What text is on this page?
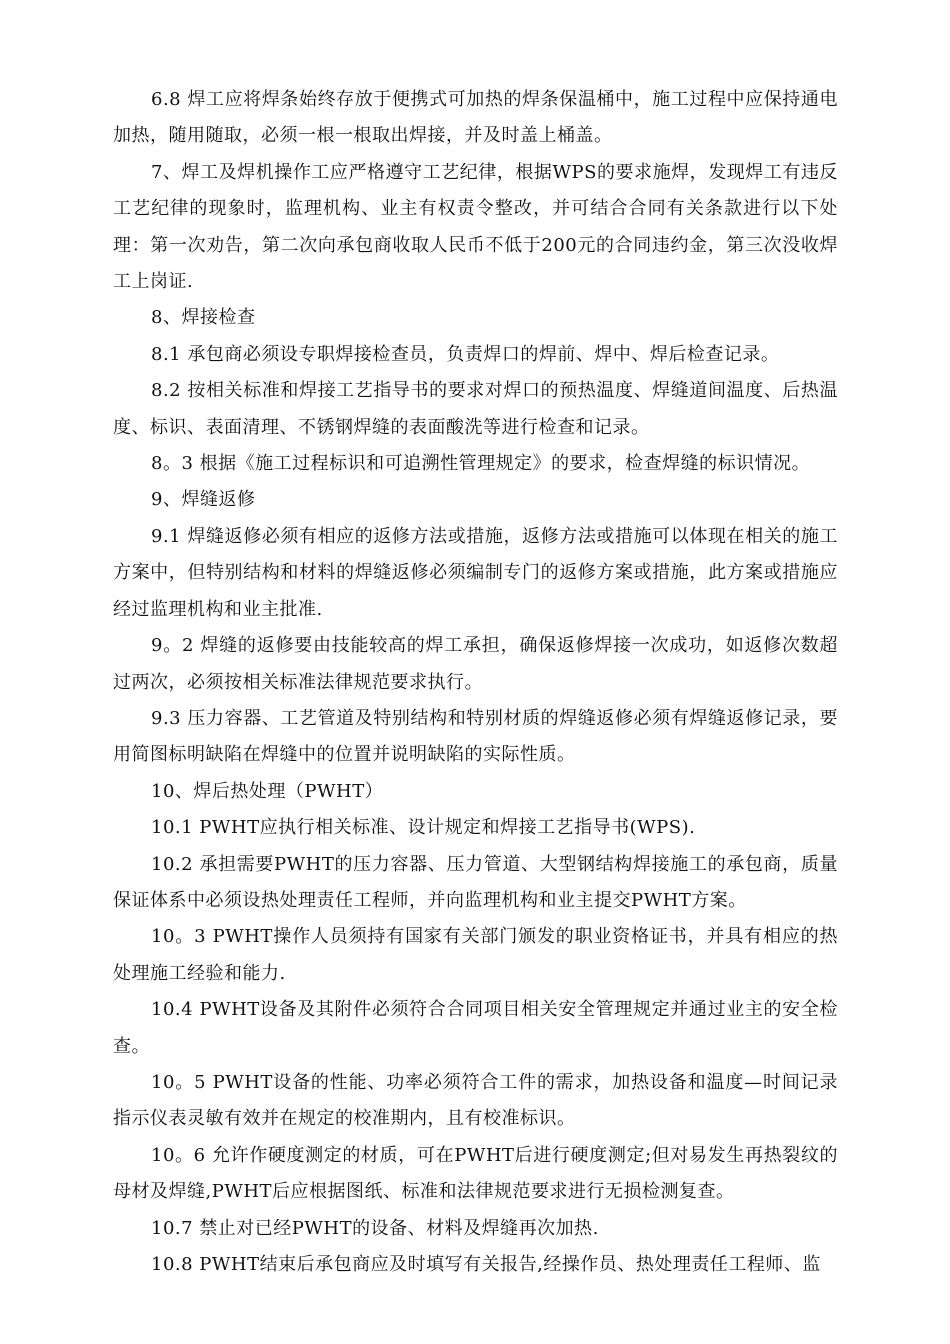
6.8 焊工应将焊条始终存放于便携式可加热的焊条保温桶中，施工过程中应保持通电加热，随用随取，必须一根一根取出焊接，并及时盖上桶盖。

7、焊工及焊机操作工应严格遵守工艺纪律，根据WPS的要求施焊，发现焊工有违反工艺纪律的现象时，监理机构、业主有权责令整改，并可结合合同有关条款进行以下处理：第一次劝告，第二次向承包商收取人民币不低于200元的合同违约金，第三次没收焊工上岗证.

8、焊接检查

8.1 承包商必须设专职焊接检查员，负责焊口的焊前、焊中、焊后检查记录。

8.2 按相关标准和焊接工艺指导书的要求对焊口的预热温度、焊缝道间温度、后热温度、标识、表面清理、不锈钢焊缝的表面酸洗等进行检查和记录。

8。3 根据《施工过程标识和可追溯性管理规定》的要求，检查焊缝的标识情况。

9、焊缝返修

9.1 焊缝返修必须有相应的返修方法或措施，返修方法或措施可以体现在相关的施工方案中，但特别结构和材料的焊缝返修必须编制专门的返修方案或措施，此方案或措施应经过监理机构和业主批准.

9。2 焊缝的返修要由技能较高的焊工承担，确保返修焊接一次成功，如返修次数超过两次，必须按相关标准法律规范要求执行。

9.3 压力容器、工艺管道及特别结构和特别材质的焊缝返修必须有焊缝返修记录，要用简图标明缺陷在焊缝中的位置并说明缺陷的实际性质。

10、焊后热处理（PWHT）

10.1 PWHT应执行相关标准、设计规定和焊接工艺指导书(WPS).

10.2 承担需要PWHT的压力容器、压力管道、大型钢结构焊接施工的承包商，质量保证体系中必须设热处理责任工程师，并向监理机构和业主提交PWHT方案。

10。3 PWHT操作人员须持有国家有关部门颁发的职业资格证书，并具有相应的热处理施工经验和能力.

10.4 PWHT设备及其附件必须符合合同项目相关安全管理规定并通过业主的安全检查。

10。5 PWHT设备的性能、功率必须符合工件的需求，加热设备和温度—时间记录指示仪表灵敏有效并在规定的校准期内，且有校准标识。

10。6 允许作硬度测定的材质，可在PWHT后进行硬度测定;但对易发生再热裂纹的母材及焊缝,PWHT后应根据图纸、标准和法律规范要求进行无损检测复查。

10.7 禁止对已经PWHT的设备、材料及焊缝再次加热.

10.8 PWHT结束后承包商应及时填写有关报告,经操作员、热处理责任工程师、监
